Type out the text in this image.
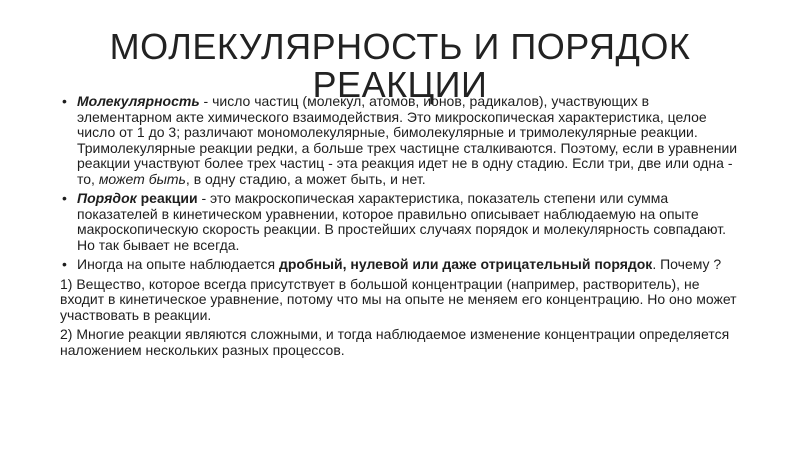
МОЛЕКУЛЯРНОСТЬ И ПОРЯДОК РЕАКЦИИ
• Молекулярность - число частиц (молекул, атомов, ионов, радикалов), участвующих в элементарном акте химического взаимодействия. Это микроскопическая характеристика, целое число от 1 до 3; различают мономолекулярные, бимолекулярные и тримолекулярные реакции. Тримолекулярные реакции редки, а больше трех частицне сталкиваются. Поэтому, если в уравнении реакции участвуют более трех частиц - эта реакция идет не в одну стадию. Если три, две или одна - то, может быть, в одну стадию, а может быть, и нет.
• Порядок реакции - это макроскопическая характеристика, показатель степени или сумма показателей в кинетическом уравнении, которое правильно описывает наблюдаемую на опыте макроскопическую скорость реакции. В простейших случаях порядок и молекулярность совпадают. Но так бывает не всегда.
• Иногда на опыте наблюдается дробный, нулевой или даже отрицательный порядок. Почему ?
1) Вещество, которое всегда присутствует в большой концентрации (например, растворитель), не входит в кинетическое уравнение, потому что мы на опыте не меняем его концентрацию. Но оно может участвовать в реакции.
2) Многие реакции являются сложными, и тогда наблюдаемое изменение концентрации определяется наложением нескольких разных процессов.
